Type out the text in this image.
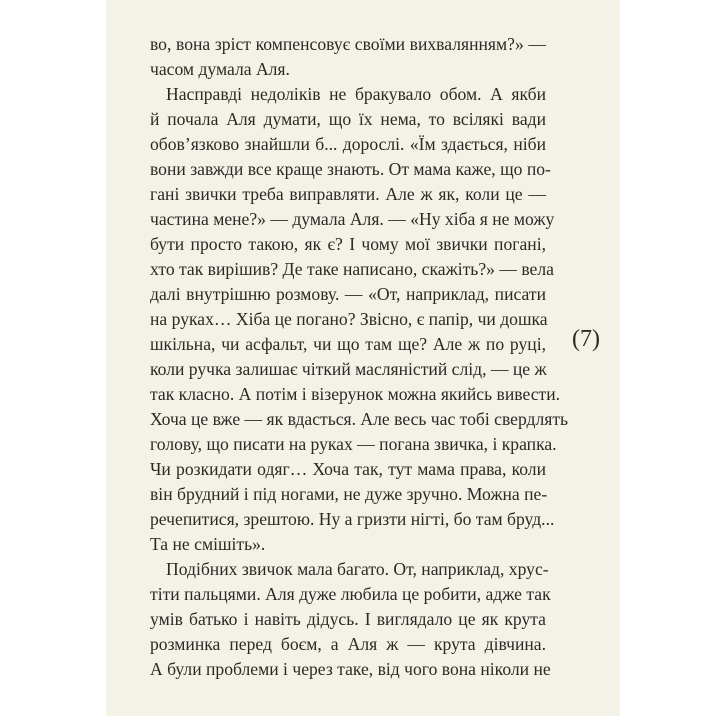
во, вона зріст компенсовує своїми вихвалянням?» —
часом думала Аля.
Насправді недоліків не бракувало обом. А якби
й почала Аля думати, що їх нема, то всілякі вади
обов’язково знайшли б... дорослі. «Їм здається, ніби
вони завжди все краще знають. От мама каже, що по-
гані звички треба виправляти. Але ж як, коли це —
частина мене?» — думала Аля. — «Ну хіба я не можу
бути просто такою, як є? І чому мої звички погані,
хто так вирішив? Де таке написано, скажіть?» — вела
далі внутрішню розмову. — «От, наприклад, писати
на руках… Хіба це погано? Звісно, є папір, чи дошка
шкільна, чи асфальт, чи що там ще? Але ж по руці,
коли ручка залишає чіткий масляністий слід, — це ж
так класно. А потім і візерунок можна якийсь вивести.
Хоча це вже — як вдасться. Але весь час тобі свердлять
голову, що писати на руках — погана звичка, і крапка.
Чи розкидати одяг… Хоча так, тут мама права, коли
він брудний і під ногами, не дуже зручно. Можна пе-
речепитися, зрештою. Ну а гризти нігті, бо там бруд...
Та не смішіть».
Подібних звичок мала багато. От, наприклад, хрус-
тіти пальцями. Аля дуже любила це робити, адже так
умів батько і навіть дідусь. І виглядало це як крута
розминка перед боєм, а Аля ж — крута дівчина.
А були проблеми і через таке, від чого вона ніколи не
(7)
